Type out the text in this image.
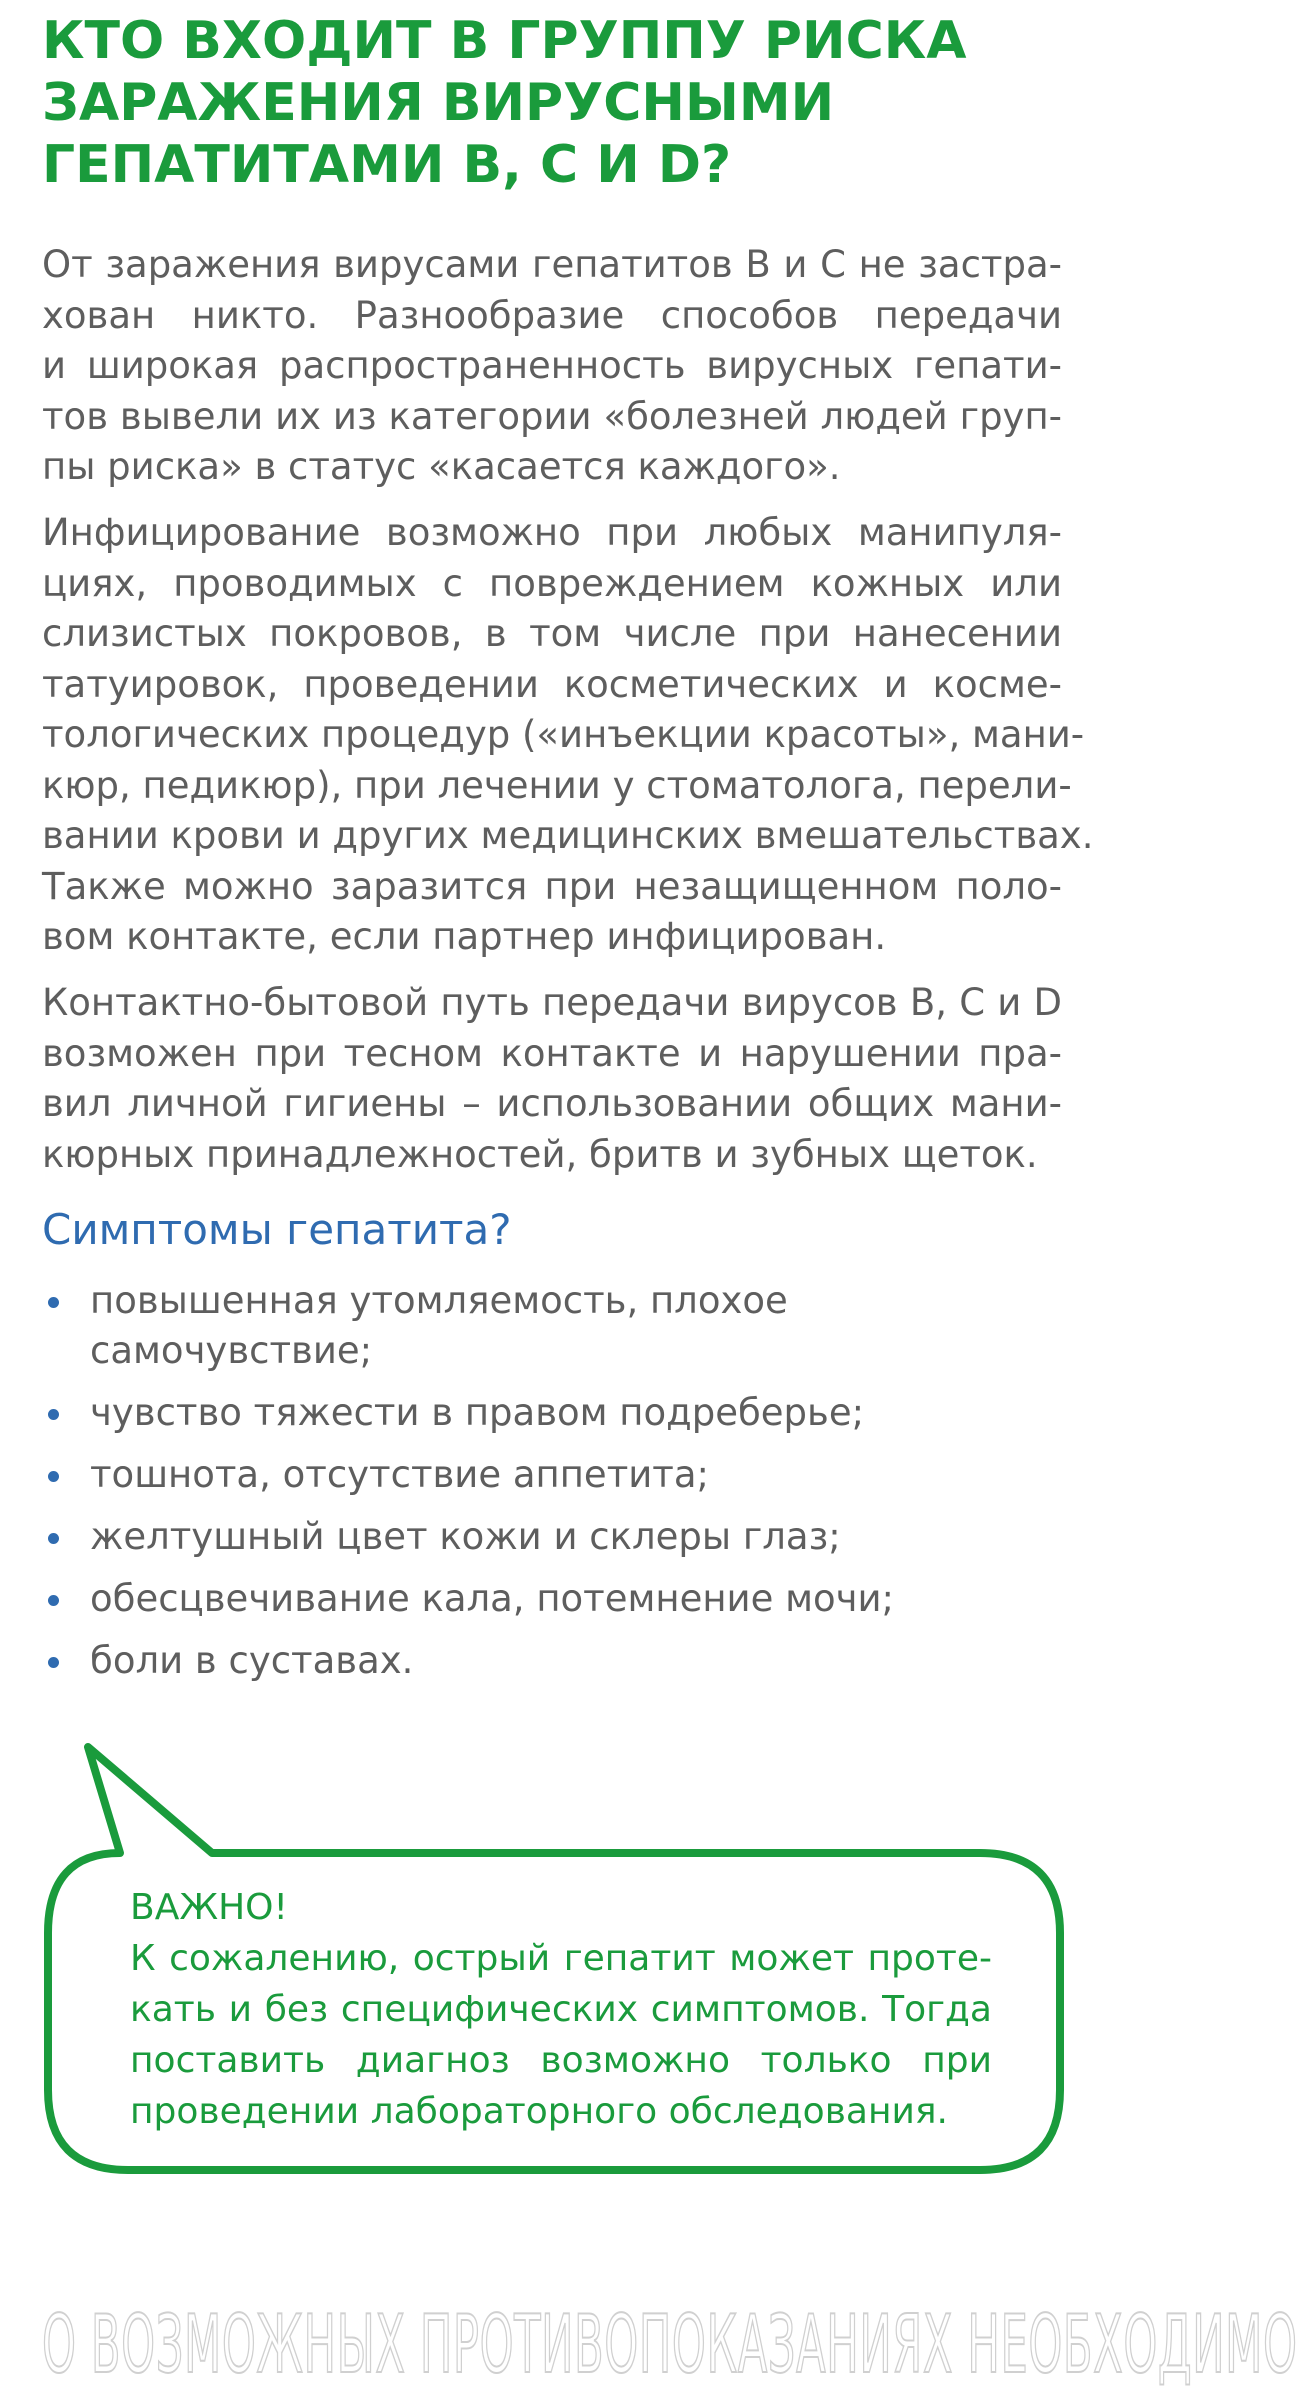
КТО ВХОДИТ В ГРУППУ РИСКА
ЗАРАЖЕНИЯ ВИРУСНЫМИ
ГЕПАТИТАМИ В, С И D?

От заражения вирусами гепатитов В и С не застра-
хован никто. Разнообразие способов передачи
и широкая распространенность вирусных гепати-
тов вывели их из категории «болезней людей груп-
пы риска» в статус «касается каждого».

Инфицирование возможно при любых манипуля-
циях, проводимых с повреждением кожных или
слизистых покровов, в том числе при нанесении
татуировок, проведении косметических и косме-
тологических процедур («инъекции красоты», мани-
кюр, педикюр), при лечении у стоматолога, перели-
вании крови и других медицинских вмешательствах.
Также можно заразится при незащищенном поло-
вом контакте, если партнер инфицирован.

Контактно-бытовой путь передачи вирусов В, С и D
возможен при тесном контакте и нарушении пра-
вил личной гигиены – использовании общих мани-
кюрных принадлежностей, бритв и зубных щеток.

Симптомы гепатита?
повышенная утомляемость, плохое
самочувствие;
чувство тяжести в правом подреберье;
тошнота, отсутствие аппетита;
желтушный цвет кожи и склеры глаз;
обесцвечивание кала, потемнение мочи;
боли в суставах.
ВАЖНО!
К сожалению, острый гепатит может проте-
кать и без специфических симптомов. Тогда
поставить диагноз возможно только при
проведении лабораторного обследования.
О ВОЗМОЖНЫХ ПРОТИВОПОКАЗАНИЯХ НЕОБХОДИМО
